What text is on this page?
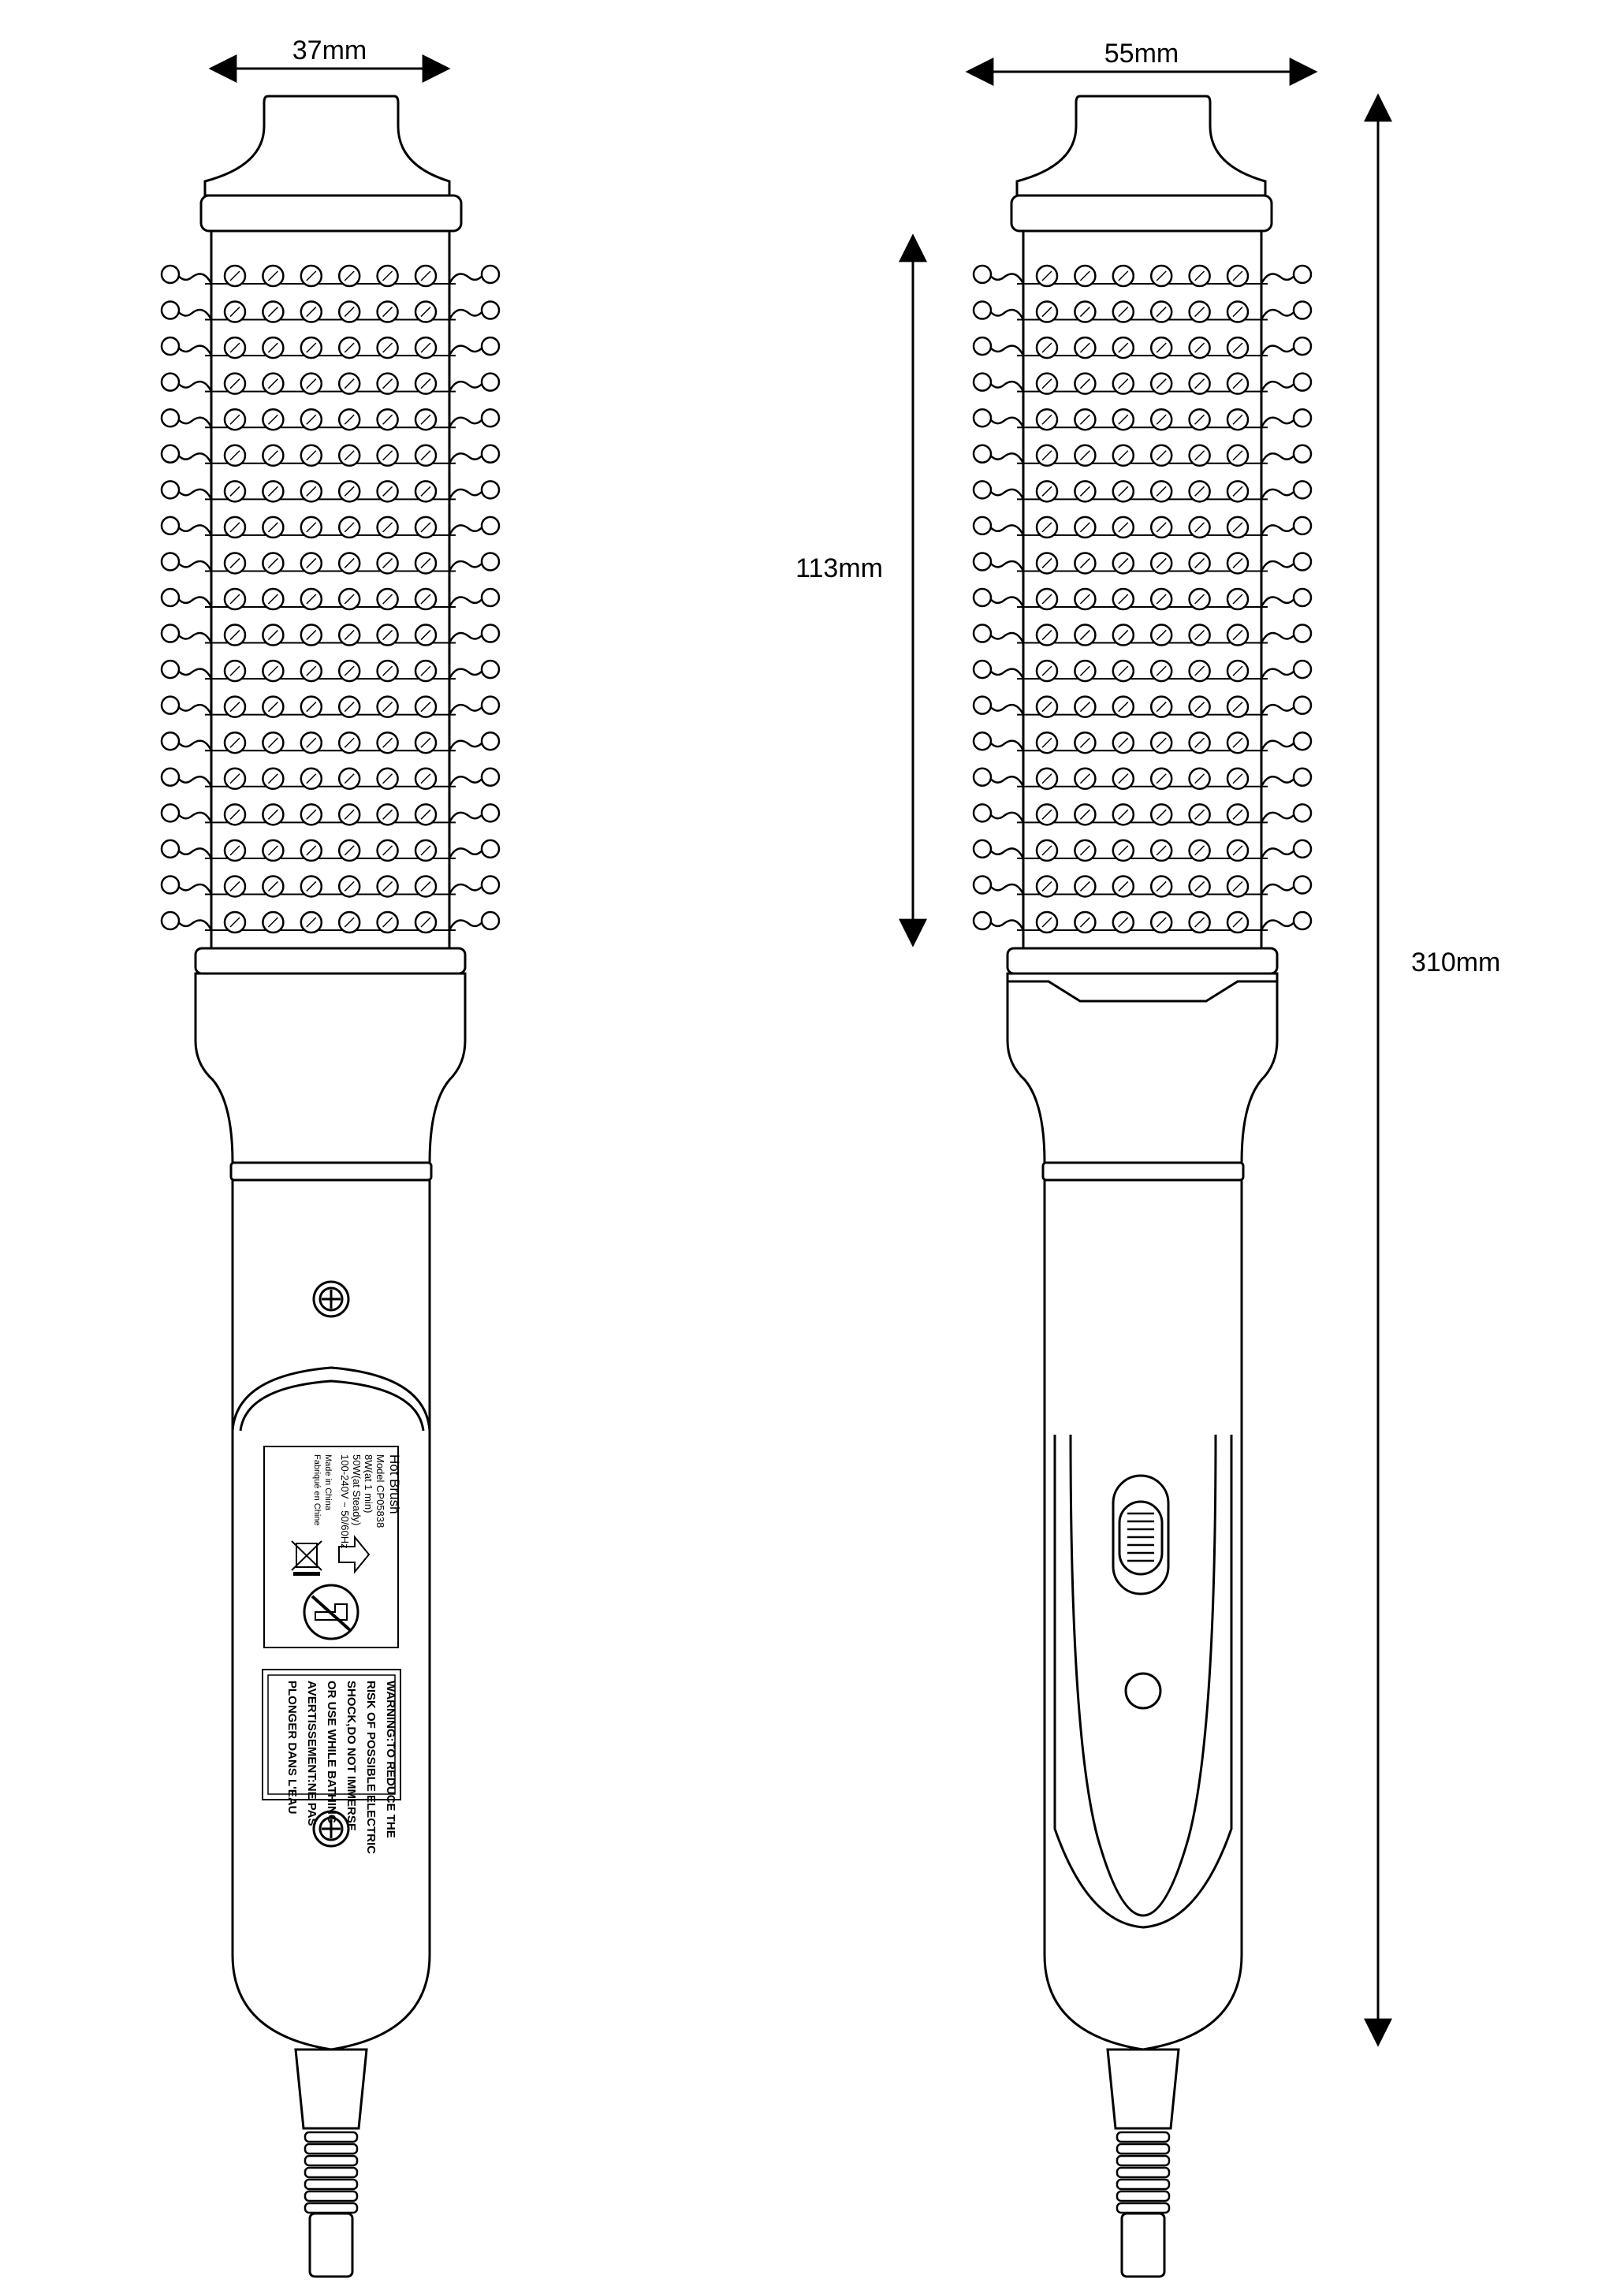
37mm	55mm
113mm
310mm
Hot Brush
Model CP05838
8W(at 1 min)
50W(at Steady)
100-240V ~ 50/60Hz
Made in China
Fabriqué en Chine
WARNING:TO REDUCE THE
RISK OF POSSIBLE ELECTRIC
SHOCK,DO NOT IMMERSE
OR USE WHILE BATHING
AVERTISSEMENT:NE PAS
PLONGER DANS L'EAU
